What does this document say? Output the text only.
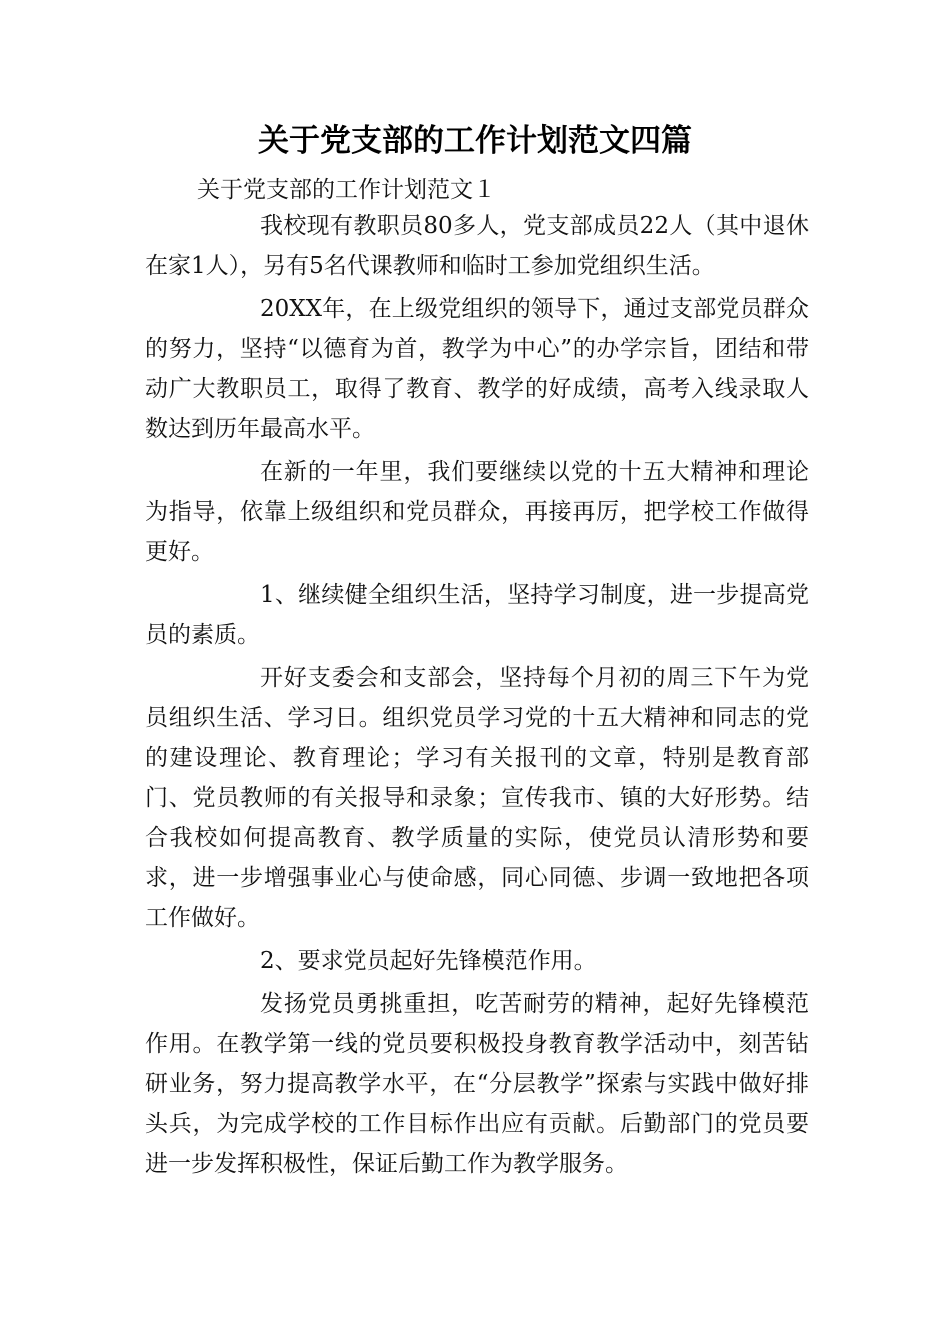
关于党支部的工作计划范文四篇

关于党支部的工作计划范文１

我校现有教职员80多人，党支部成员22人（其中退休在家1人），另有5名代课教师和临时工参加党组织生活。

20XX年，在上级党组织的领导下，通过支部党员群众的努力，坚持“以德育为首，教学为中心”的办学宗旨，团结和带动广大教职员工，取得了教育、教学的好成绩，高考入线录取人数达到历年最高水平。

在新的一年里，我们要继续以党的十五大精神和理论为指导，依靠上级组织和党员群众，再接再厉，把学校工作做得更好。

1、继续健全组织生活，坚持学习制度，进一步提高党员的素质。

开好支委会和支部会，坚持每个月初的周三下午为党员组织生活、学习日。组织党员学习党的十五大精神和同志的党的建设理论、教育理论；学习有关报刊的文章，特别是教育部门、党员教师的有关报导和录象；宣传我市、镇的大好形势。结合我校如何提高教育、教学质量的实际，使党员认清形势和要求，进一步增强事业心与使命感，同心同德、步调一致地把各项工作做好。

2、要求党员起好先锋模范作用。

发扬党员勇挑重担，吃苦耐劳的精神，起好先锋模范作用。在教学第一线的党员要积极投身教育教学活动中，刻苦钻研业务，努力提高教学水平，在“分层教学”探索与实践中做好排头兵，为完成学校的工作目标作出应有贡献。后勤部门的党员要进一步发挥积极性，保证后勤工作为教学服务。
